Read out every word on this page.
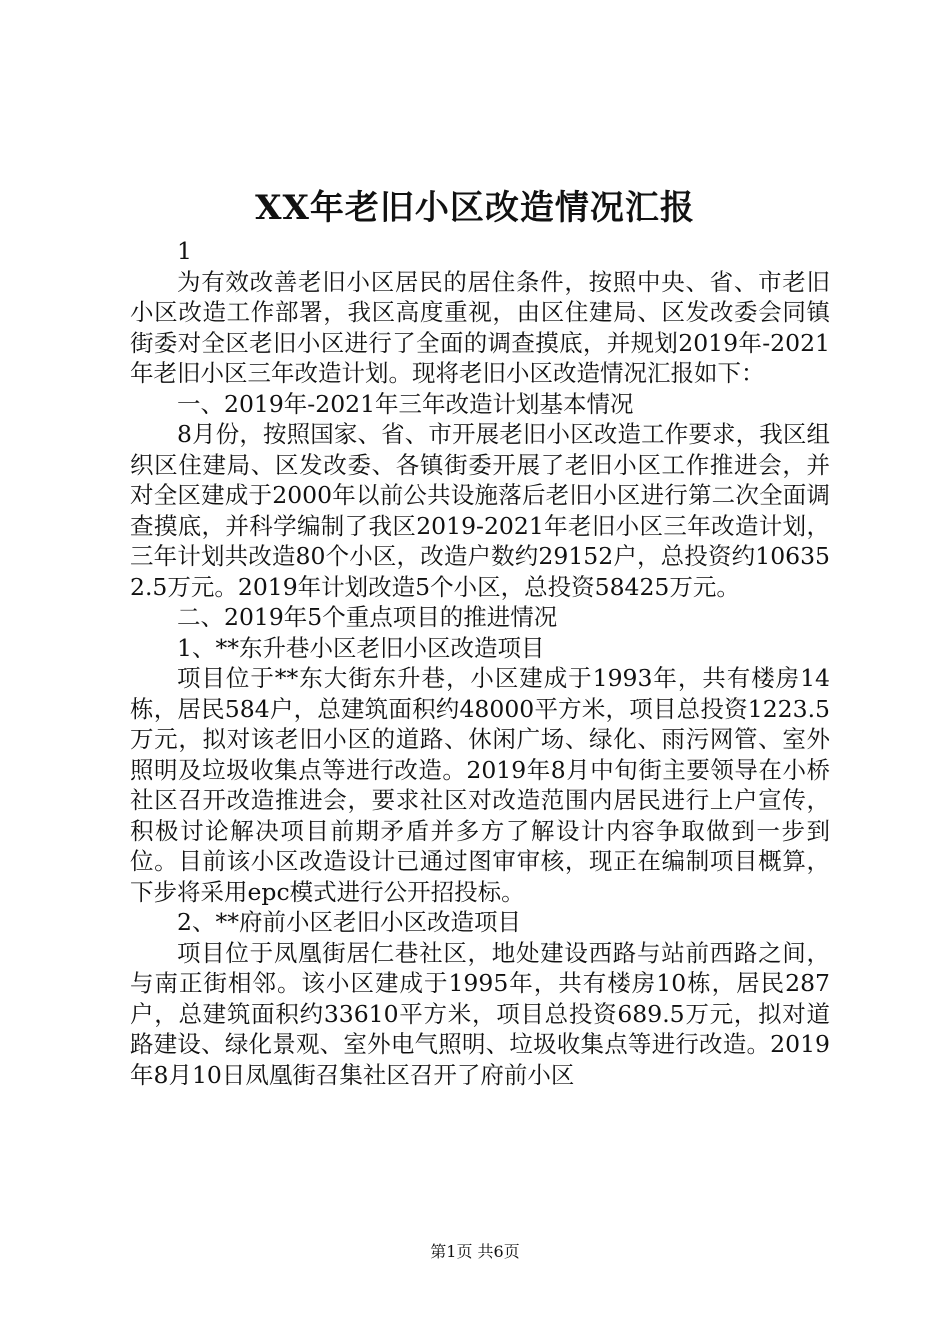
XX年老旧小区改造情况汇报

1

为有效改善老旧小区居民的居住条件，按照中央、省、市老旧小区改造工作部署，我区高度重视，由区住建局、区发改委会同镇街委对全区老旧小区进行了全面的调查摸底，并规划2019年-2021年老旧小区三年改造计划。现将老旧小区改造情况汇报如下：

一、2019年-2021年三年改造计划基本情况

8月份，按照国家、省、市开展老旧小区改造工作要求，我区组织区住建局、区发改委、各镇街委开展了老旧小区工作推进会，并对全区建成于2000年以前公共设施落后老旧小区进行第二次全面调查摸底，并科学编制了我区2019-2021年老旧小区三年改造计划，三年计划共改造80个小区，改造户数约29152户，总投资约106352.5万元。2019年计划改造5个小区，总投资58425万元。

二、2019年5个重点项目的推进情况

1、**东升巷小区老旧小区改造项目

项目位于**东大街东升巷，小区建成于1993年，共有楼房14栋，居民584户，总建筑面积约48000平方米，项目总投资1223.5万元，拟对该老旧小区的道路、休闲广场、绿化、雨污网管、室外照明及垃圾收集点等进行改造。2019年8月中旬街主要领导在小桥社区召开改造推进会，要求社区对改造范围内居民进行上户宣传，积极讨论解决项目前期矛盾并多方了解设计内容争取做到一步到位。目前该小区改造设计已通过图审审核，现正在编制项目概算，下步将采用epc模式进行公开招投标。

2、**府前小区老旧小区改造项目

项目位于凤凰街居仁巷社区，地处建设西路与站前西路之间，与南正街相邻。该小区建成于1995年，共有楼房10栋，居民287户，总建筑面积约33610平方米，项目总投资689.5万元，拟对道路建设、绿化景观、室外电气照明、垃圾收集点等进行改造。2019年8月10日凤凰街召集社区召开了府前小区

第1页 共6页
